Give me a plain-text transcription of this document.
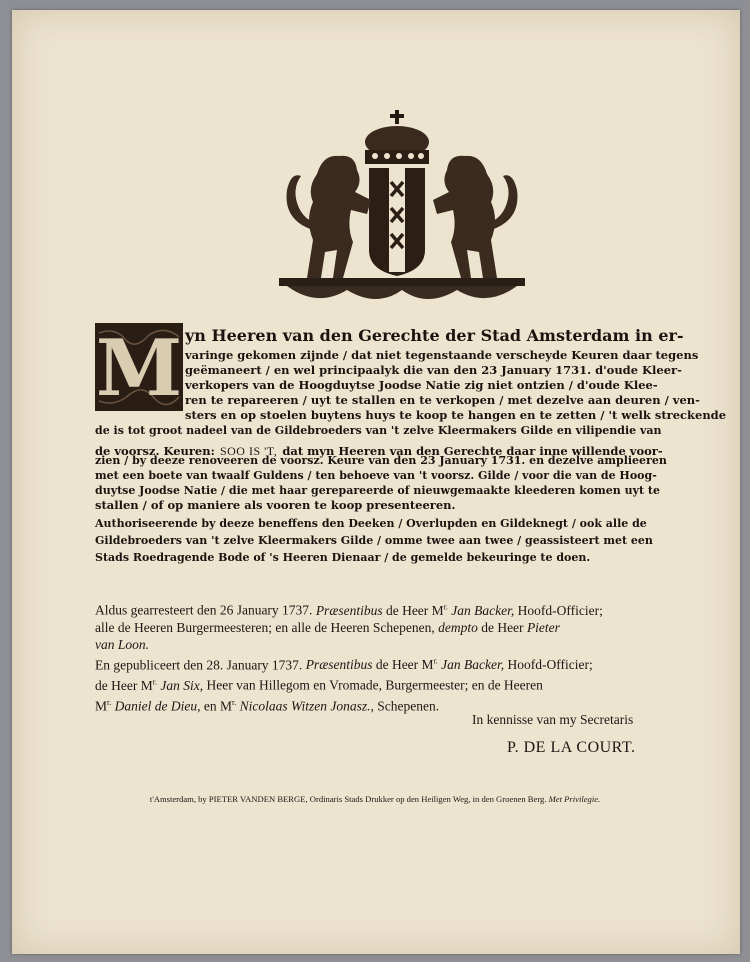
M yn Heeren van den Gerechte der Stad Amsterdam in er-
varinge gekomen zijnde / dat niet tegenstaande verscheyde Keuren daar tegens
geëmaneert / en wel principaalyk die van den 23 January 1731. d'oude Kleer-
verkopers van de Hoogduytse Joodse Natie zig niet ontzien / d'oude Klee-
ren te repareeren / uyt te stallen en te verkopen / met dezelve aan deuren / ven-
sters en op stoelen buytens huys te koop te hangen en te zetten / 't welk streckende
de is tot groot nadeel van de Gildebroeders van 't zelve Kleermakers Gilde en vilipendie van
de voorsz. Keuren: SOO IS 'T, dat myn Heeren van den Gerechte daar inne willende voor-
zien / by deeze renoveeren de voorsz. Keure van den 23 January 1731. en dezelve amplieeren
met een boete van twaalf Guldens / ten behoeve van 't voorsz. Gilde / voor die van de Hoog-
duytse Joodse Natie / die met haar gerepareerde of nieuwgemaakte kleederen komen uyt te
stallen / of op maniere als vooren te koop presenteeren.
Authoriseerende by deeze beneffens den Deeken / Overlupden en Gildeknegt / ook alle de
Gildebroeders van 't zelve Kleermakers Gilde / omme twee aan twee / geassisteert met een
Stads Roedragende Bode of 's Heeren Dienaar / de gemelde bekeuringe te doen.
Aldus gearresteert den 26 January 1737. Præsentibus de Heer $M^{r.}$ Jan Backer, Hoofd-Officier;
alle de Heeren Burgermeesteren; en alle de Heeren Schepenen, dempto de Heer Pieter
van Loon.
En gepubliceert den 28. January 1737. Præsentibus de Heer $M^{r.}$ Jan Backer, Hoofd-Officier;
de Heer $M^{r.}$ Jan Six, Heer van Hillegom en Vromade, Burgermeester; en de Heeren
$M^{r.}$ Daniel de Dieu, en $M^{r.}$ Nicolaas Witzen Jonasz., Schepenen.
In kennisse van my Secretaris
P. DE LA COURT.
t'Amsterdam, by PIETER VANDEN BERGE, Ordinaris Stads Drukker op den Heiligen Weg, in den Groenen Berg. Met Privilegie.
